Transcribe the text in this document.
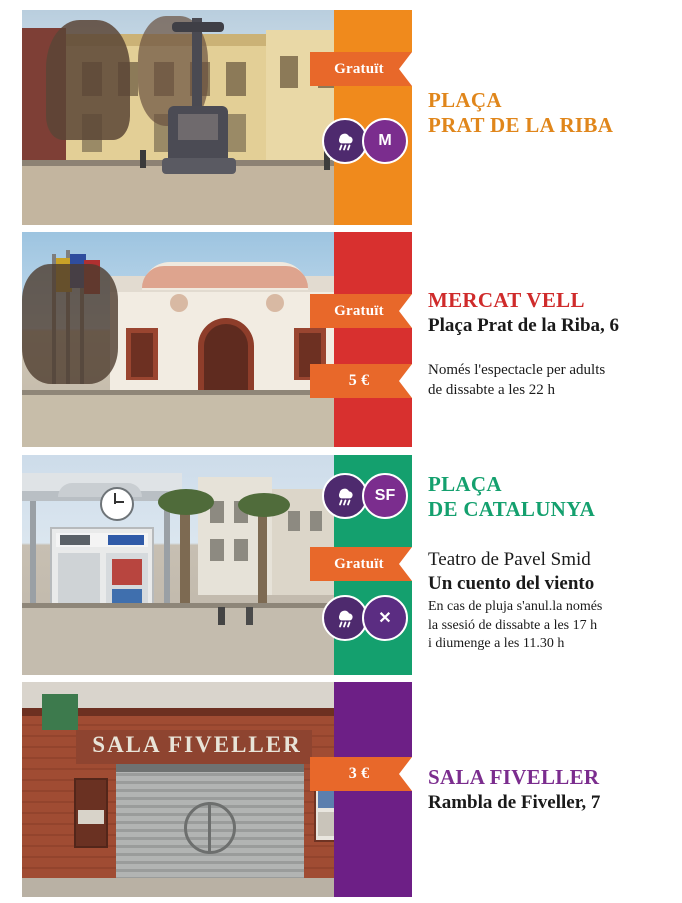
Gratuït
M
PLAÇA
PRAT DE LA RIBA
Gratuït
5 €
MERCAT VELL
Plaça Prat de la Riba, 6
Només l'espectacle per adults
de dissabte a les 22 h
SF
Gratuït
✕
PLAÇA
DE CATALUNYA
Teatro de Pavel Smid
Un cuento del viento
En cas de pluja s'anul.la només
la ssesió de dissabte a les 17 h
i diumenge a les 11.30 h
SALA FIVELLER
3 €	SALA FIVELLER
Rambla de Fiveller, 7
